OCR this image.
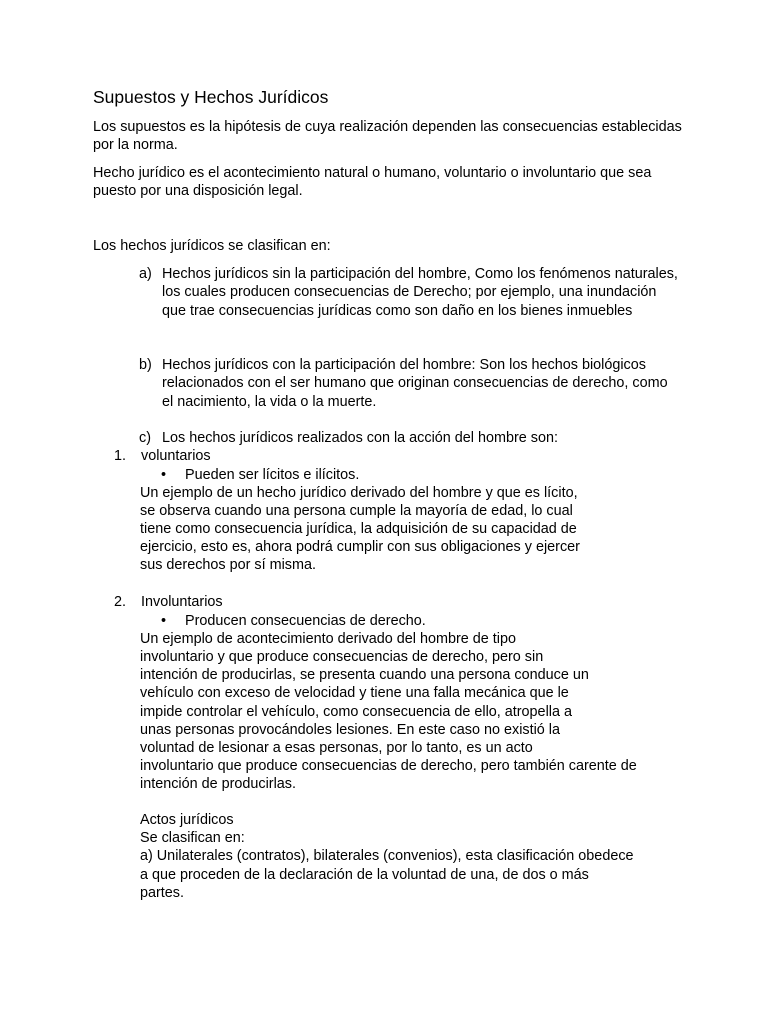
Supuestos y Hechos Jurídicos
Los supuestos es la hipótesis de cuya realización dependen las consecuencias establecidas por la norma.
Hecho jurídico es el acontecimiento natural o humano, voluntario o involuntario que sea puesto por una disposición legal.
Los hechos jurídicos se clasifican en:
a) Hechos jurídicos sin la participación del hombre, Como los fenómenos naturales, los cuales producen consecuencias de Derecho; por ejemplo, una inundación que trae consecuencias jurídicas como son daño en los bienes inmuebles
b) Hechos jurídicos con la participación del hombre: Son los hechos biológicos relacionados con el ser humano que originan consecuencias de derecho, como el nacimiento, la vida o la muerte.
c) Los hechos jurídicos realizados con la acción del hombre son:
1. voluntarios
• Pueden ser lícitos e ilícitos.
Un ejemplo de un hecho jurídico derivado del hombre y que es lícito,
se observa cuando una persona cumple la mayoría de edad, lo cual
tiene como consecuencia jurídica, la adquisición de su capacidad de
ejercicio, esto es, ahora podrá cumplir con sus obligaciones y ejercer
sus derechos por sí misma.
2. Involuntarios
• Producen consecuencias de derecho.
Un ejemplo de acontecimiento derivado del hombre de tipo
involuntario y que produce consecuencias de derecho, pero sin
intención de producirlas, se presenta cuando una persona conduce un
vehículo con exceso de velocidad y tiene una falla mecánica que le
impide controlar el vehículo, como consecuencia de ello, atropella a
unas personas provocándoles lesiones. En este caso no existió la
voluntad de lesionar a esas personas, por lo tanto, es un acto
involuntario que produce consecuencias de derecho, pero también carente de
intención de producirlas.
Actos jurídicos
Se clasifican en:
a) Unilaterales (contratos), bilaterales (convenios), esta clasificación obedece
a que proceden de la declaración de la voluntad de una, de dos o más
partes.
